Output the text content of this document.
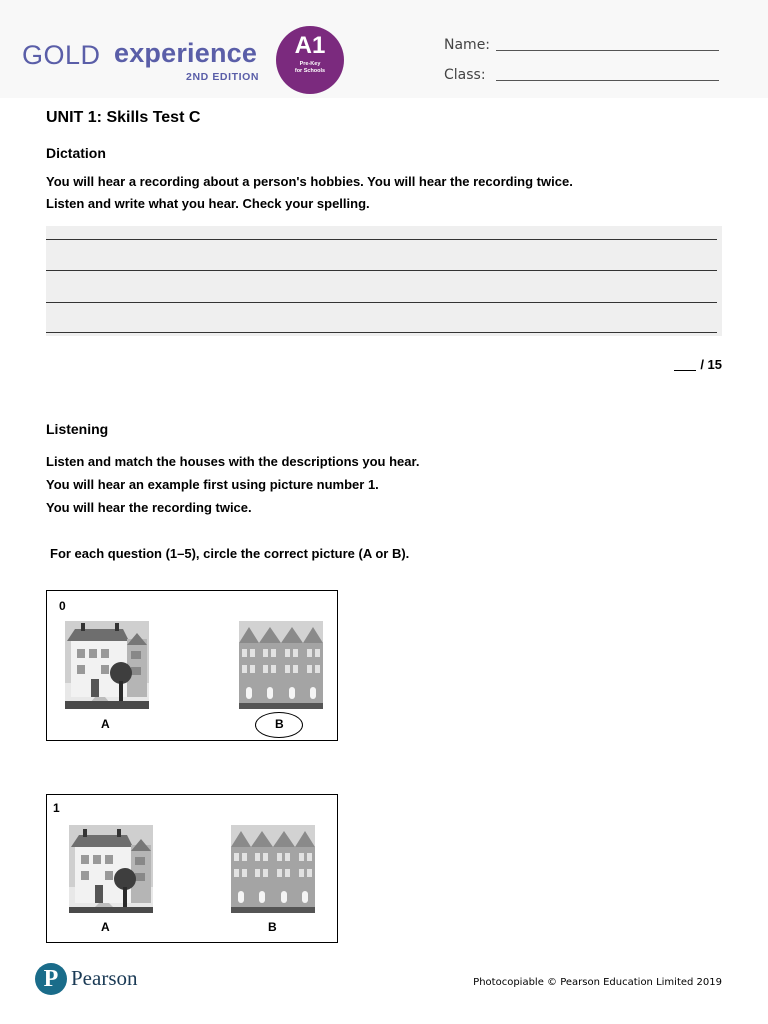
GOLD experience
2ND EDITION
A1
Pre-Key
for Schools
Name:
Class:
UNIT 1: Skills Test C
Dictation
You will hear a recording about a person's hobbies. You will hear the recording twice.
Listen and write what you hear. Check your spelling.
/ 15
Listening
Listen and match the houses with the descriptions you hear.
You will hear an example first using picture number 1.
You will hear the recording twice.
For each question (1–5), circle the correct picture (A or B).
0
A	B
1
A	B
P Pearson	Photocopiable © Pearson Education Limited 2019
